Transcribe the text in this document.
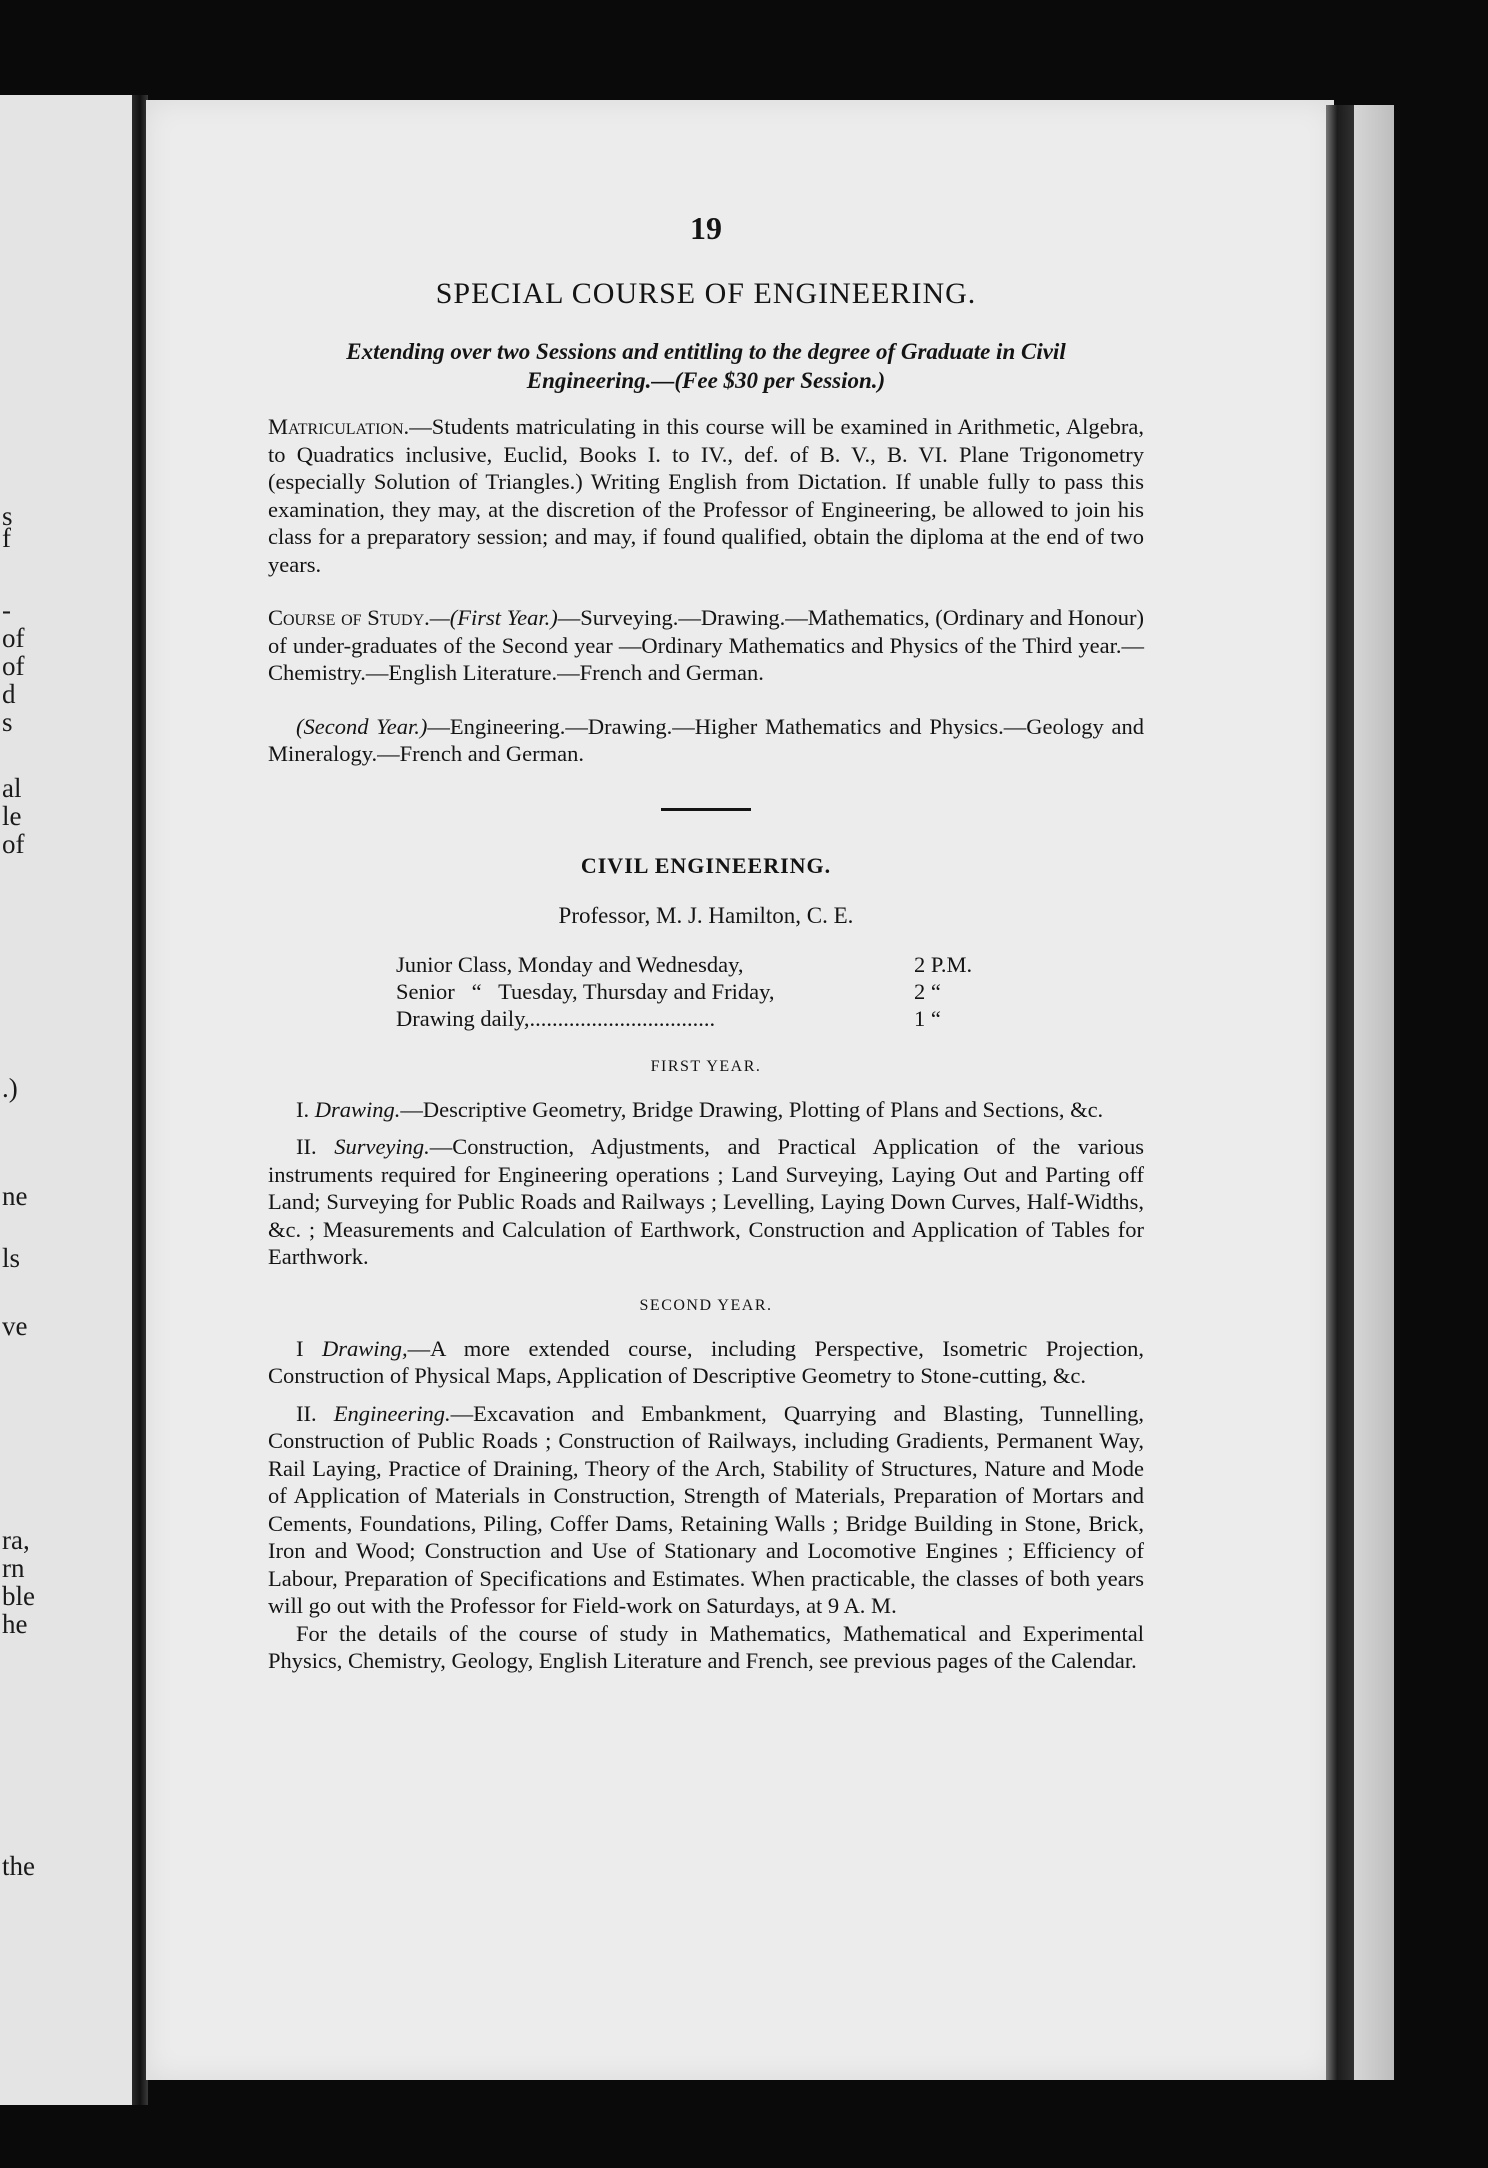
s
f
-
of
of
d
s
al
le
of
.)
ne
ls
ve
ra,
rn
ble
he
the
19
SPECIAL COURSE OF ENGINEERING.
Extending over two Sessions and entitling to the degree of Graduate in Civil Engineering.—(Fee $30 per Session.)

Matriculation.—Students matriculating in this course will be examined in Arithmetic, Algebra, to Quadratics inclusive, Euclid, Books I. to IV., def. of B. V., B. VI. Plane Trigonometry (especially Solution of Triangles.) Writing English from Dictation. If unable fully to pass this examination, they may, at the discretion of the Professor of Engineering, be allowed to join his class for a preparatory session; and may, if found qualified, obtain the diploma at the end of two years.

Course of Study.—(First Year.)—Surveying.—Drawing.—Mathematics, (Ordinary and Honour) of under-graduates of the Second year —Ordinary Mathematics and Physics of the Third year.—Chemistry.—English Literature.—French and German.

(Second Year.)—Engineering.—Drawing.—Higher Mathematics and Physics.—Geology and Mineralogy.—French and German.

CIVIL ENGINEERING.
Professor, M. J. Hamilton, C. E.
Junior Class, Monday and Wednesday,	2 P.M.
Senior   “   Tuesday, Thursday and Friday,	2 “
Drawing daily,.................................	1 “
FIRST YEAR.

I. Drawing.—Descriptive Geometry, Bridge Drawing, Plotting of Plans and Sections, &c.

II. Surveying.—Construction, Adjustments, and Practical Application of the various instruments required for Engineering operations ; Land Surveying, Laying Out and Parting off Land; Surveying for Public Roads and Railways ; Levelling, Laying Down Curves, Half-Widths, &c. ; Measurements and Calculation of Earthwork, Construction and Application of Tables for Earthwork.

SECOND YEAR.

I Drawing,—A more extended course, including Perspective, Isometric Projection, Construction of Physical Maps, Application of Descriptive Geometry to Stone-cutting, &c.

II. Engineering.—Excavation and Embankment, Quarrying and Blasting, Tunnelling, Construction of Public Roads ; Construction of Railways, including Gradients, Permanent Way, Rail Laying, Practice of Draining, Theory of the Arch, Stability of Structures, Nature and Mode of Application of Materials in Construction, Strength of Materials, Preparation of Mortars and Cements, Foundations, Piling, Coffer Dams, Retaining Walls ; Bridge Building in Stone, Brick, Iron and Wood; Construction and Use of Stationary and Locomotive Engines ; Efficiency of Labour, Preparation of Specifications and Estimates. When practicable, the classes of both years will go out with the Professor for Field-work on Saturdays, at 9 A. M.

For the details of the course of study in Mathematics, Mathematical and Experimental Physics, Chemistry, Geology, English Literature and French, see previous pages of the Calendar.
